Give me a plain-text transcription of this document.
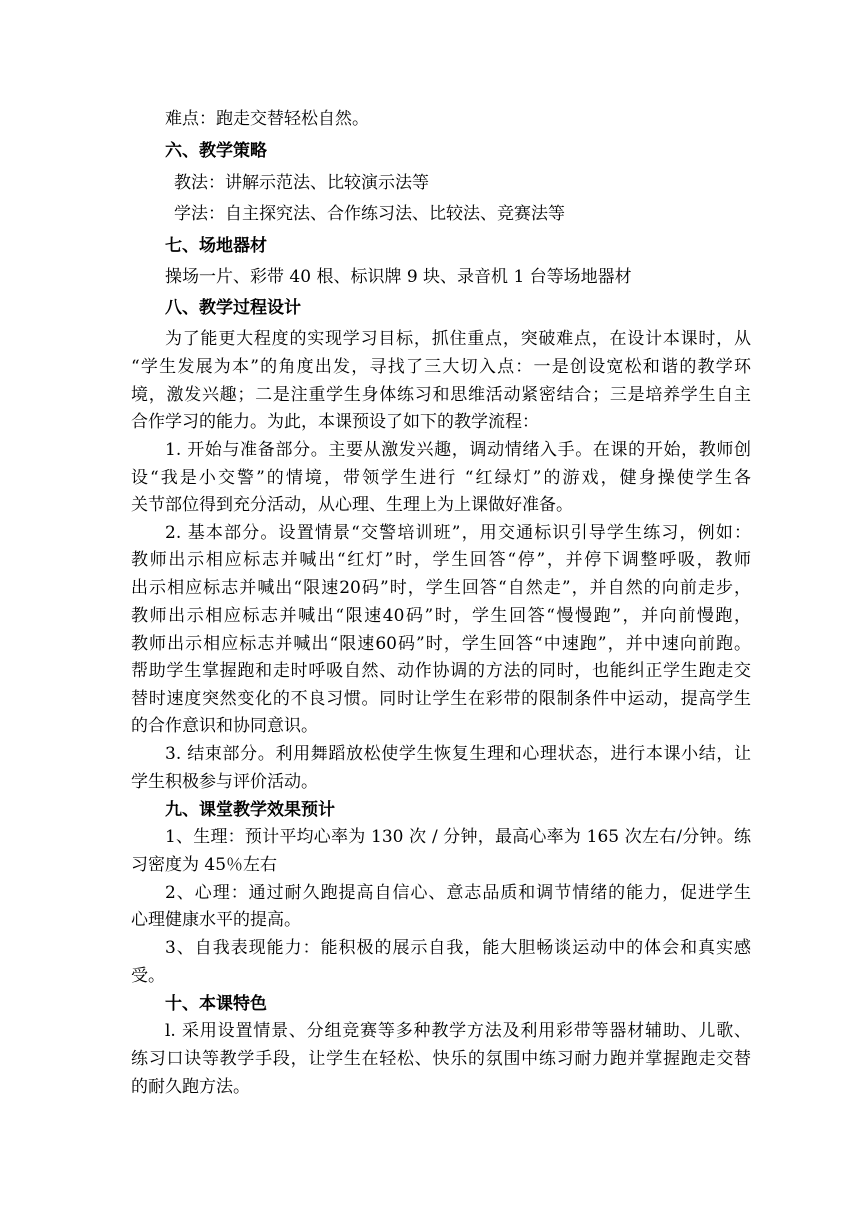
难点：跑走交替轻松自然。
六、教学策略
教法：讲解示范法、比较演示法等
学法：自主探究法、合作练习法、比较法、竞赛法等
七、场地器材
操场一片、彩带 40 根、标识牌 9 块、录音机 1 台等场地器材
八、教学过程设计
为了能更大程度的实现学习目标，抓住重点，突破难点，在设计本课时，从
“学生发展为本”的角度出发，寻找了三大切入点：一是创设宽松和谐的教学环
境，激发兴趣；二是注重学生身体练习和思维活动紧密结合；三是培养学生自主
合作学习的能力。为此，本课预设了如下的教学流程：
1. 开始与准备部分。主要从激发兴趣，调动情绪入手。在课的开始，教师创
设“我是小交警”的情境，带领学生进行 “红绿灯”的游戏，健身操使学生各
关节部位得到充分活动，从心理、生理上为上课做好准备。
2. 基本部分。设置情景“交警培训班”，用交通标识引导学生练习，例如：
教师出示相应标志并喊出“红灯”时，学生回答“停”，并停下调整呼吸，教师
出示相应标志并喊出“限速20码”时，学生回答“自然走”，并自然的向前走步，
教师出示相应标志并喊出“限速40码”时，学生回答“慢慢跑”，并向前慢跑，
教师出示相应标志并喊出“限速60码”时，学生回答“中速跑”，并中速向前跑。
帮助学生掌握跑和走时呼吸自然、动作协调的方法的同时，也能纠正学生跑走交
替时速度突然变化的不良习惯。同时让学生在彩带的限制条件中运动，提高学生
的合作意识和协同意识。
3. 结束部分。利用舞蹈放松使学生恢复生理和心理状态，进行本课小结，让
学生积极参与评价活动。
九、课堂教学效果预计
1、生理：预计平均心率为 130 次 / 分钟，最高心率为 165 次左右/分钟。练
习密度为 45％左右
2、心理：通过耐久跑提高自信心、意志品质和调节情绪的能力，促进学生
心理健康水平的提高。
3、自我表现能力：能积极的展示自我，能大胆畅谈运动中的体会和真实感
受。
十、本课特色
l. 采用设置情景、分组竞赛等多种教学方法及利用彩带等器材辅助、儿歌、
练习口诀等教学手段，让学生在轻松、快乐的氛围中练习耐力跑并掌握跑走交替
的耐久跑方法。
